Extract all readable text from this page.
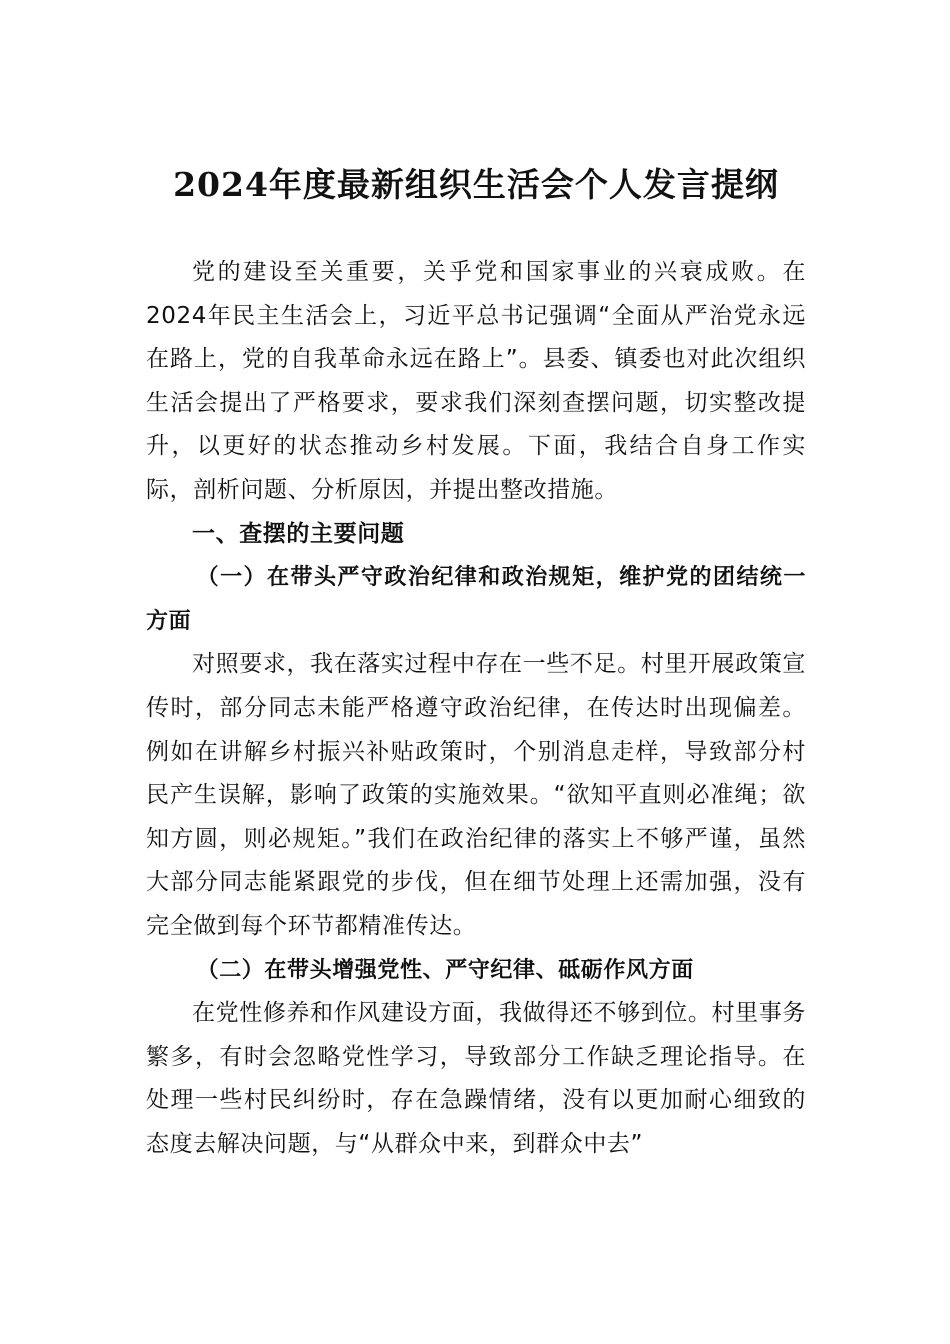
2024年度最新组织生活会个人发言提纲

党的建设至关重要，关乎党和国家事业的兴衰成败。在2024年民主生活会上，习近平总书记强调“全面从严治党永远在路上，党的自我革命永远在路上”。县委、镇委也对此次组织生活会提出了严格要求，要求我们深刻查摆问题，切实整改提升，以更好的状态推动乡村发展。下面，我结合自身工作实际，剖析问题、分析原因，并提出整改措施。

一、查摆的主要问题

（一）在带头严守政治纪律和政治规矩，维护党的团结统一方面

对照要求，我在落实过程中存在一些不足。村里开展政策宣传时，部分同志未能严格遵守政治纪律，在传达时出现偏差。例如在讲解乡村振兴补贴政策时，个别消息走样，导致部分村民产生误解，影响了政策的实施效果。“欲知平直则必准绳；欲知方圆，则必规矩。”我们在政治纪律的落实上不够严谨，虽然大部分同志能紧跟党的步伐，但在细节处理上还需加强，没有完全做到每个环节都精准传达。

（二）在带头增强党性、严守纪律、砥砺作风方面

在党性修养和作风建设方面，我做得还不够到位。村里事务繁多，有时会忽略党性学习，导致部分工作缺乏理论指导。在处理一些村民纠纷时，存在急躁情绪，没有以更加耐心细致的态度去解决问题，与“从群众中来，到群众中去”
